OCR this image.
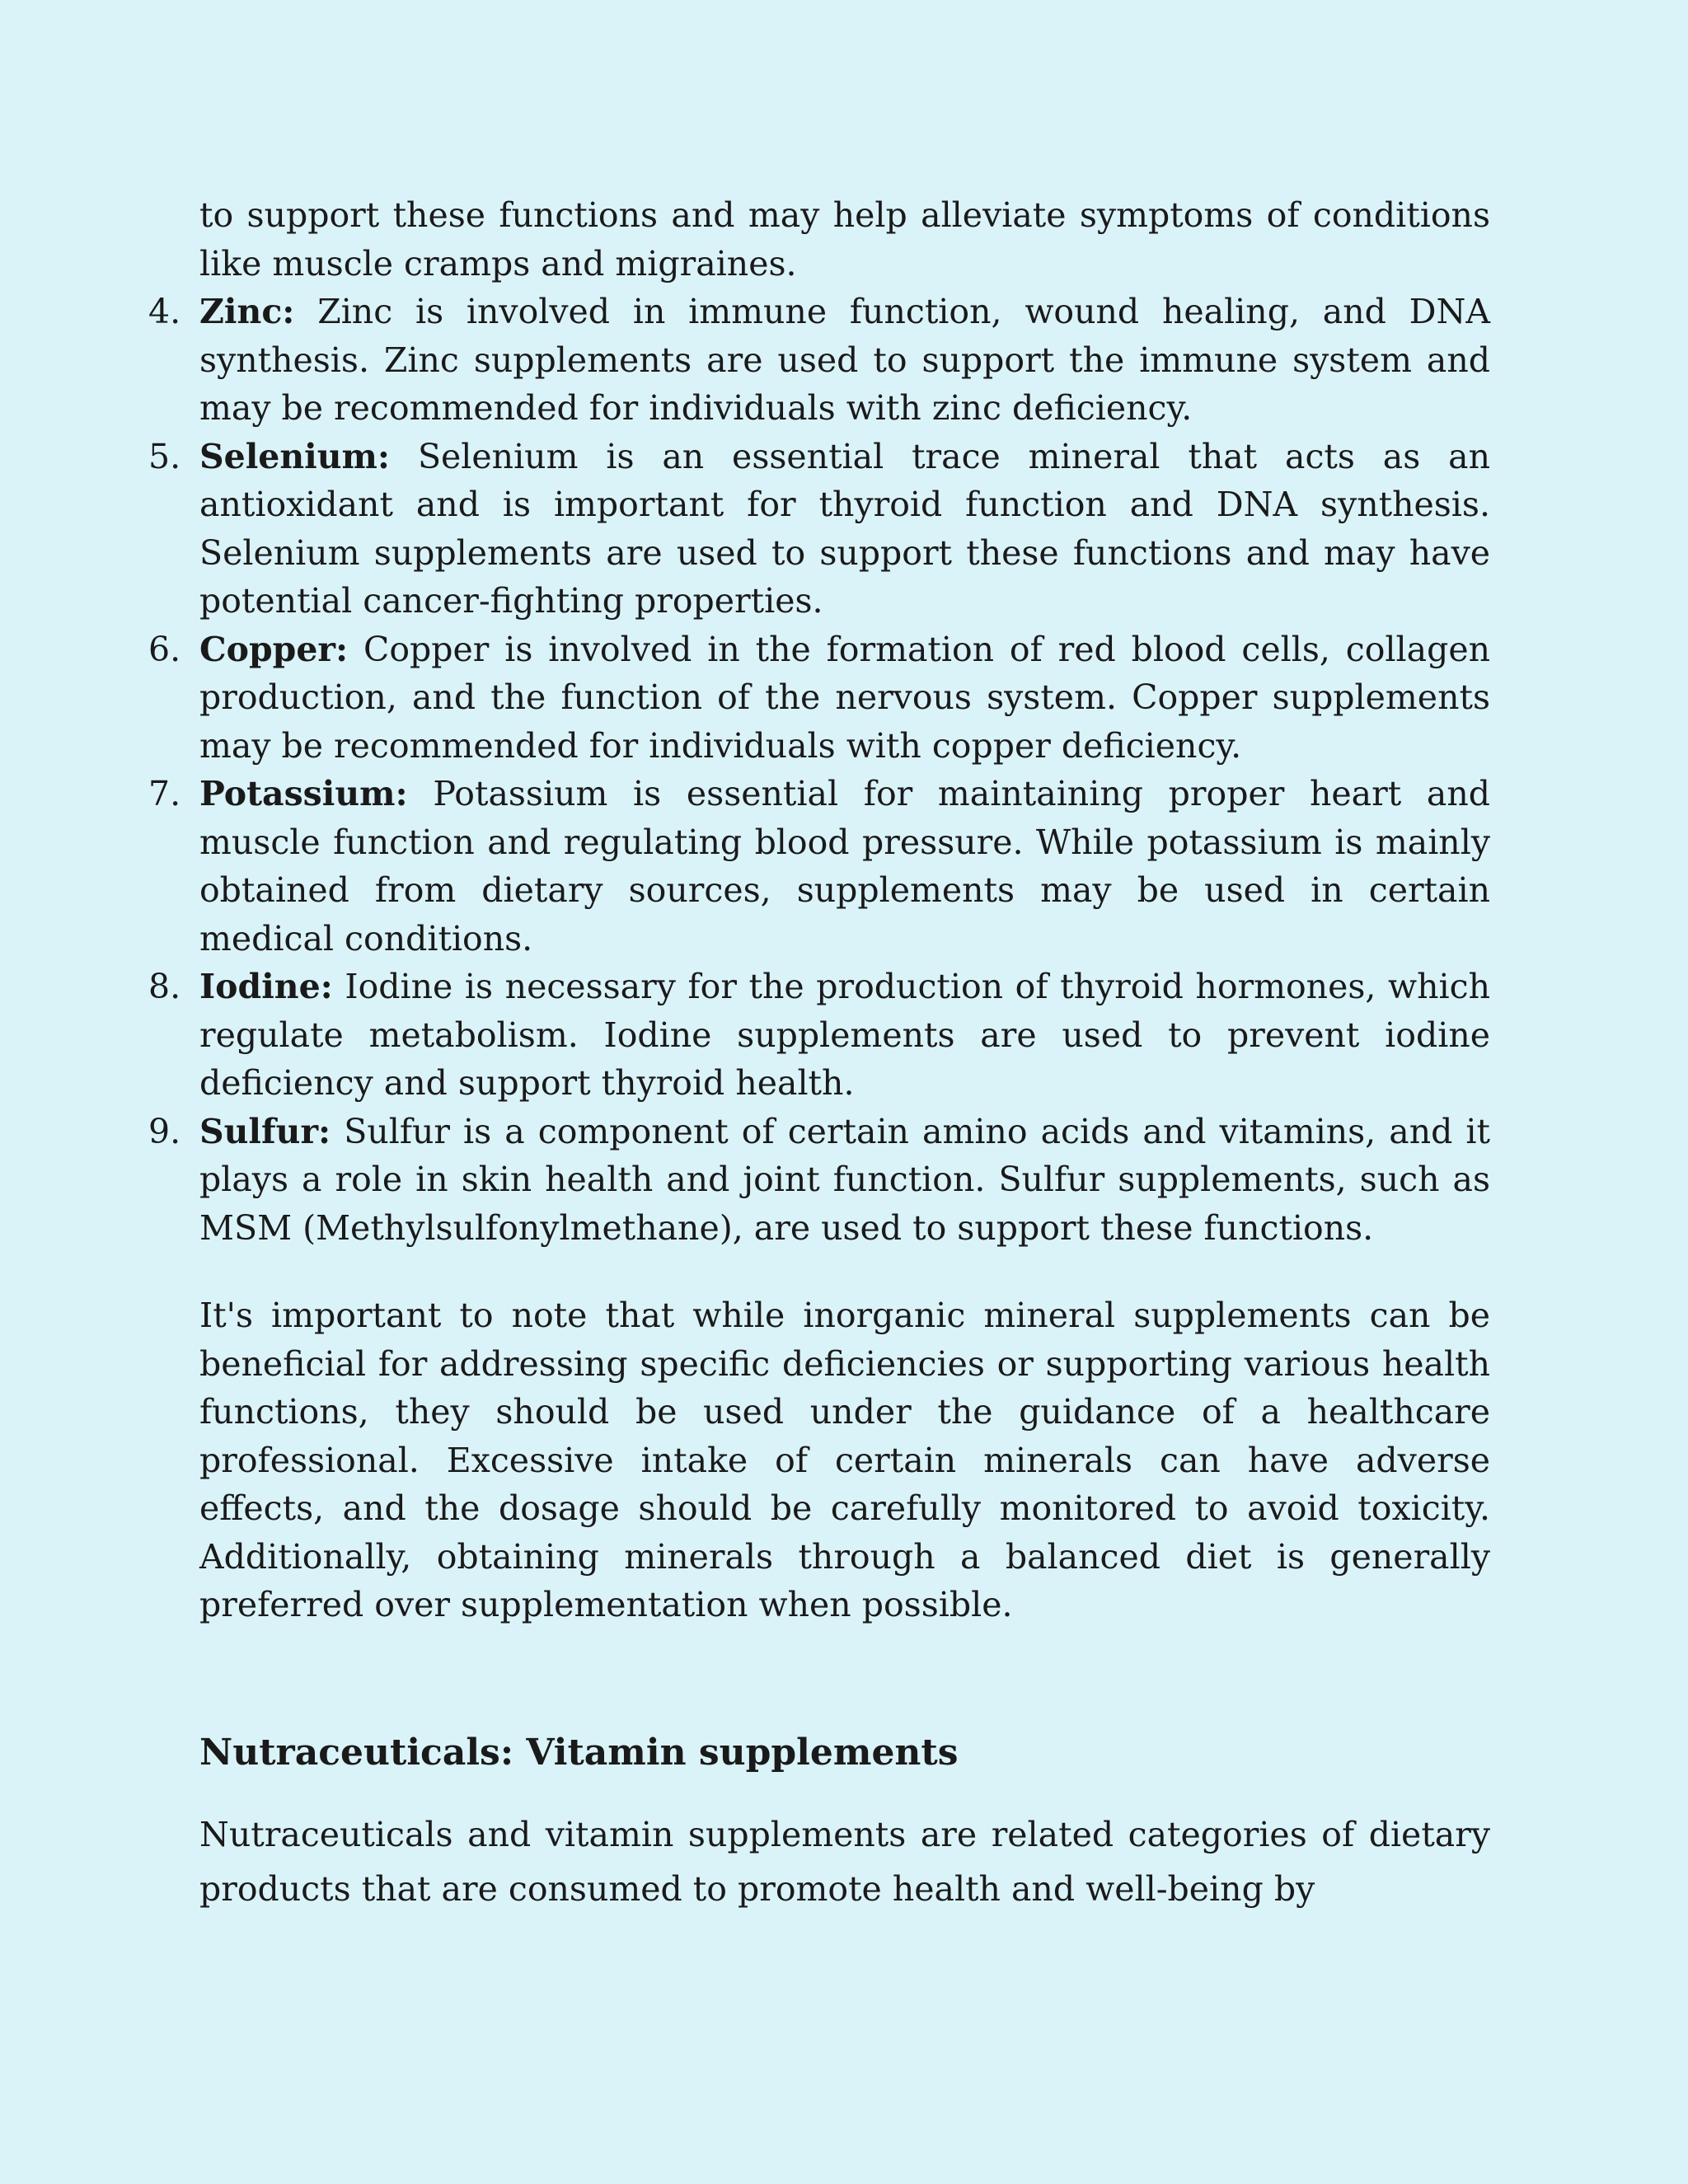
to support these functions and may help alleviate symptoms of conditions like muscle cramps and migraines.

4. Zinc: Zinc is involved in immune function, wound healing, and DNA synthesis. Zinc supplements are used to support the immune system and may be recommended for individuals with zinc deficiency.
5. Selenium: Selenium is an essential trace mineral that acts as an antioxidant and is important for thyroid function and DNA synthesis. Selenium supplements are used to support these functions and may have potential cancer-fighting properties.
6. Copper: Copper is involved in the formation of red blood cells, collagen production, and the function of the nervous system. Copper supplements may be recommended for individuals with copper deficiency.
7. Potassium: Potassium is essential for maintaining proper heart and muscle function and regulating blood pressure. While potassium is mainly obtained from dietary sources, supplements may be used in certain medical conditions.
8. Iodine: Iodine is necessary for the production of thyroid hormones, which regulate metabolism. Iodine supplements are used to prevent iodine deficiency and support thyroid health.
9. Sulfur: Sulfur is a component of certain amino acids and vitamins, and it plays a role in skin health and joint function. Sulfur supplements, such as MSM (Methylsulfonylmethane), are used to support these functions.

It's important to note that while inorganic mineral supplements can be beneficial for addressing specific deficiencies or supporting various health functions, they should be used under the guidance of a healthcare professional. Excessive intake of certain minerals can have adverse effects, and the dosage should be carefully monitored to avoid toxicity. Additionally, obtaining minerals through a balanced diet is generally preferred over supplementation when possible.

Nutraceuticals: Vitamin supplements

Nutraceuticals and vitamin supplements are related categories of dietary products that are consumed to promote health and well-being by
